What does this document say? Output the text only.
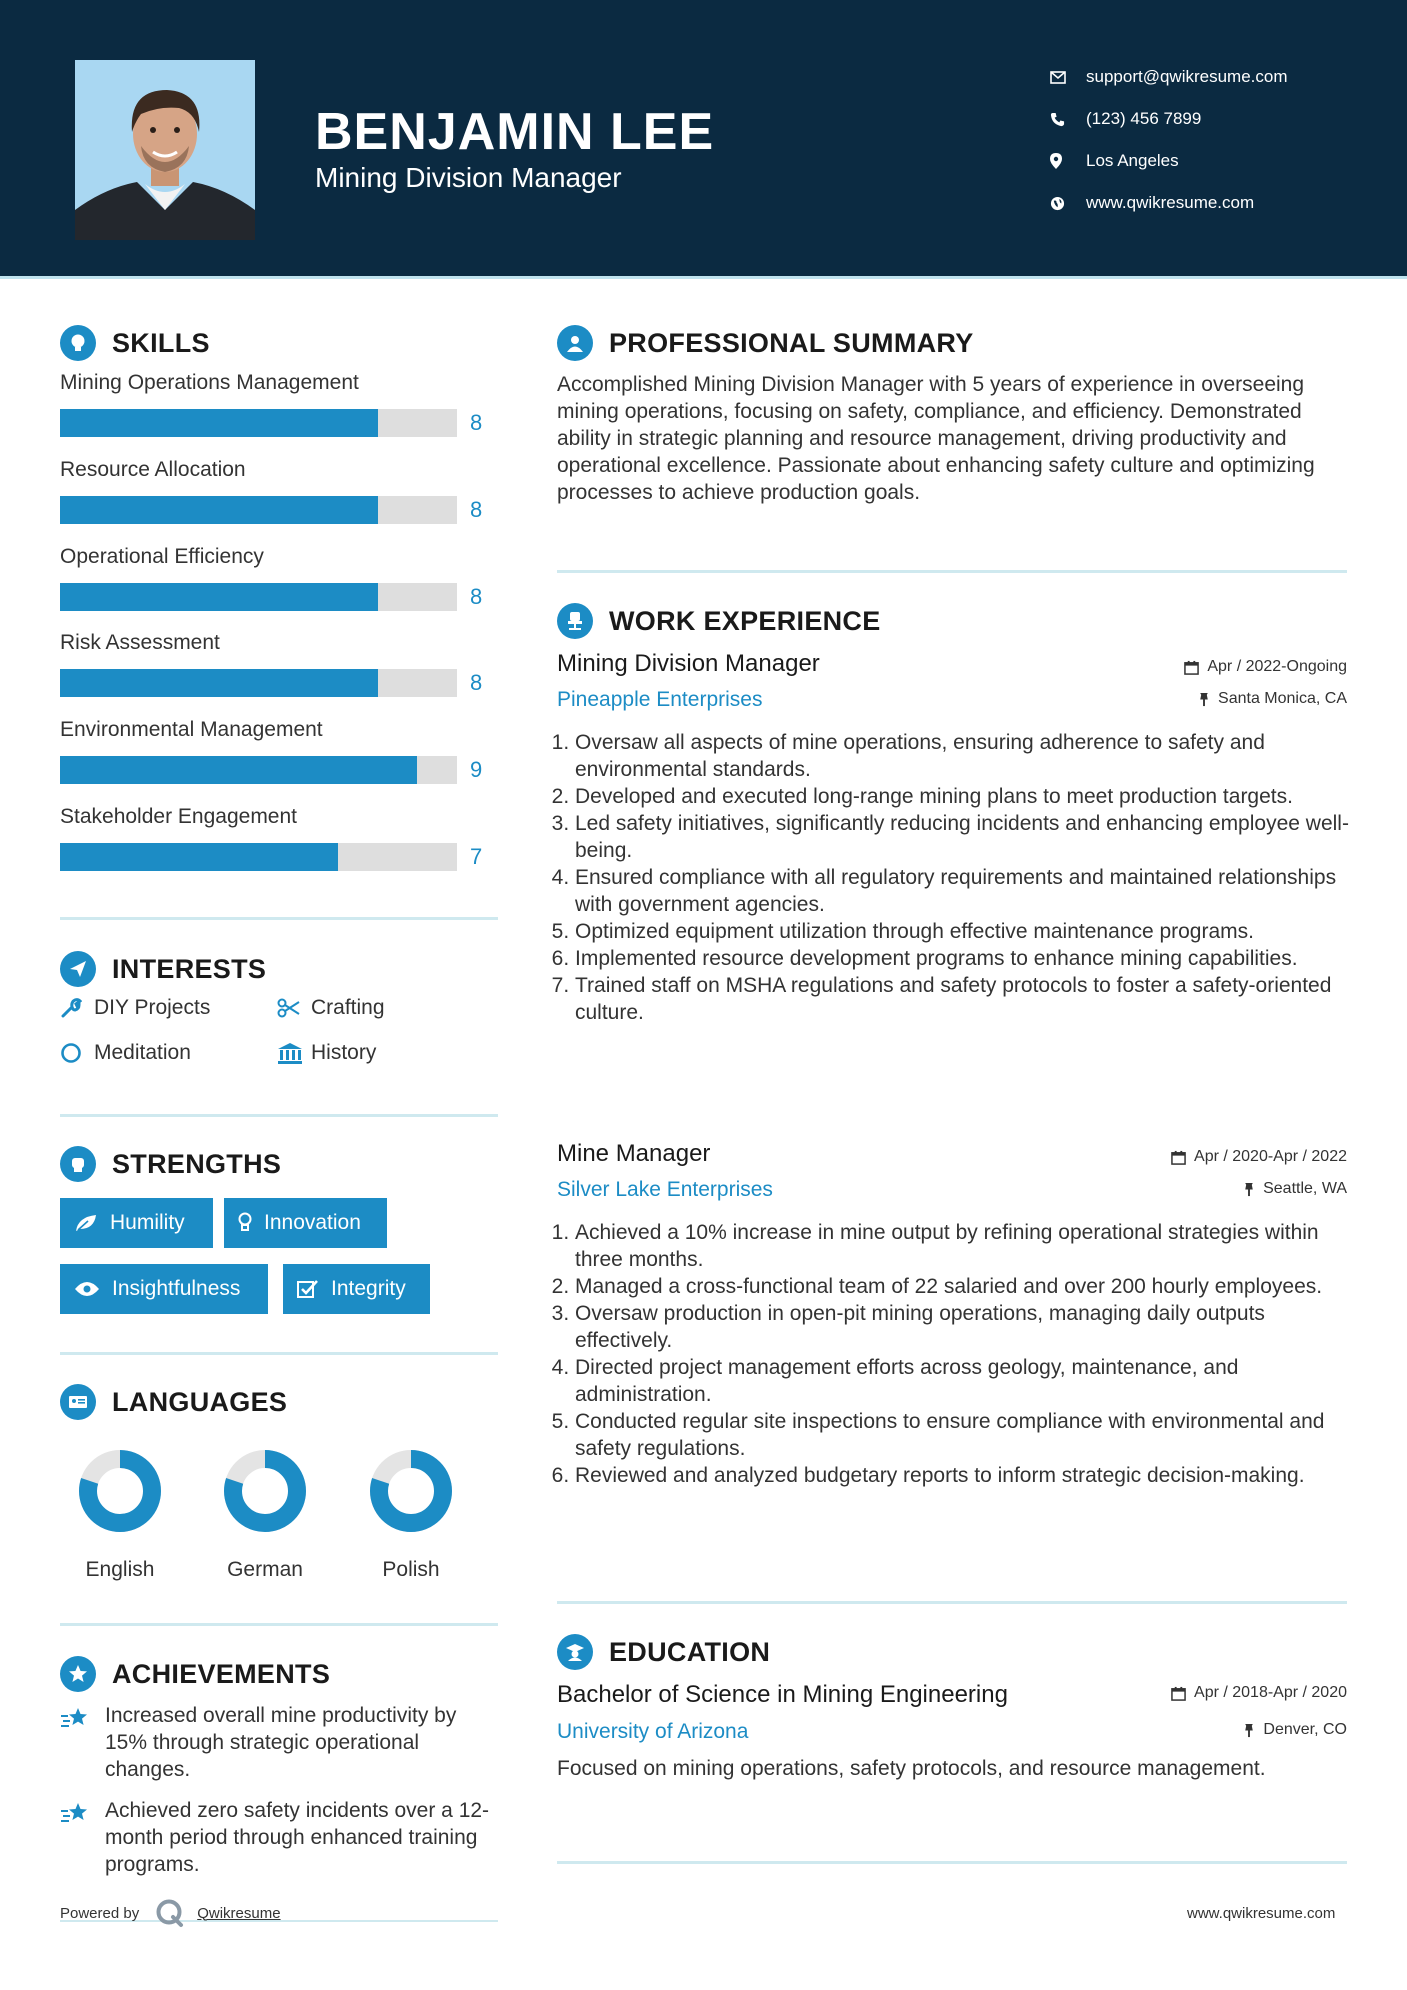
BENJAMIN LEE
Mining Division Manager
support@qwikresume.com
(123) 456 7899
Los Angeles
www.qwikresume.com
SKILLS
Mining Operations Management
8
Resource Allocation
8
Operational Efficiency
8
Risk Assessment
8
Environmental Management
9
Stakeholder Engagement
7
INTERESTS
DIY Projects	Crafting
Meditation	History
STRENGTHS
Humility	Innovation
Insightfulness	Integrity
LANGUAGES
English	German	Polish
ACHIEVEMENTS
Increased overall mine productivity by 15% through strategic operational changes.
Achieved zero safety incidents over a 12-month period through enhanced training programs.
Powered by	Qwikresume
PROFESSIONAL SUMMARY

Accomplished Mining Division Manager with 5 years of experience in overseeing mining operations, focusing on safety, compliance, and efficiency. Demonstrated ability in strategic planning and resource management, driving productivity and operational excellence. Passionate about enhancing safety culture and optimizing processes to achieve production goals.

WORK EXPERIENCE
Mining Division Manager	Apr / 2022-Ongoing
Pineapple Enterprises	Santa Monica, CA
1. Oversaw all aspects of mine operations, ensuring adherence to safety and environmental standards.
2. Developed and executed long-range mining plans to meet production targets.
3. Led safety initiatives, significantly reducing incidents and enhancing employee well-being.
4. Ensured compliance with all regulatory requirements and maintained relationships with government agencies.
5. Optimized equipment utilization through effective maintenance programs.
6. Implemented resource development programs to enhance mining capabilities.
7. Trained staff on MSHA regulations and safety protocols to foster a safety-oriented culture.
Mine Manager	Apr / 2020-Apr / 2022
Silver Lake Enterprises	Seattle, WA
1. Achieved a 10% increase in mine output by refining operational strategies within three months.
2. Managed a cross-functional team of 22 salaried and over 200 hourly employees.
3. Oversaw production in open-pit mining operations, managing daily outputs effectively.
4. Directed project management efforts across geology, maintenance, and administration.
5. Conducted regular site inspections to ensure compliance with environmental and safety regulations.
6. Reviewed and analyzed budgetary reports to inform strategic decision-making.
EDUCATION
Bachelor of Science in Mining Engineering	Apr / 2018-Apr / 2020
University of Arizona	Denver, CO
Focused on mining operations, safety protocols, and resource management.
www.qwikresume.com
